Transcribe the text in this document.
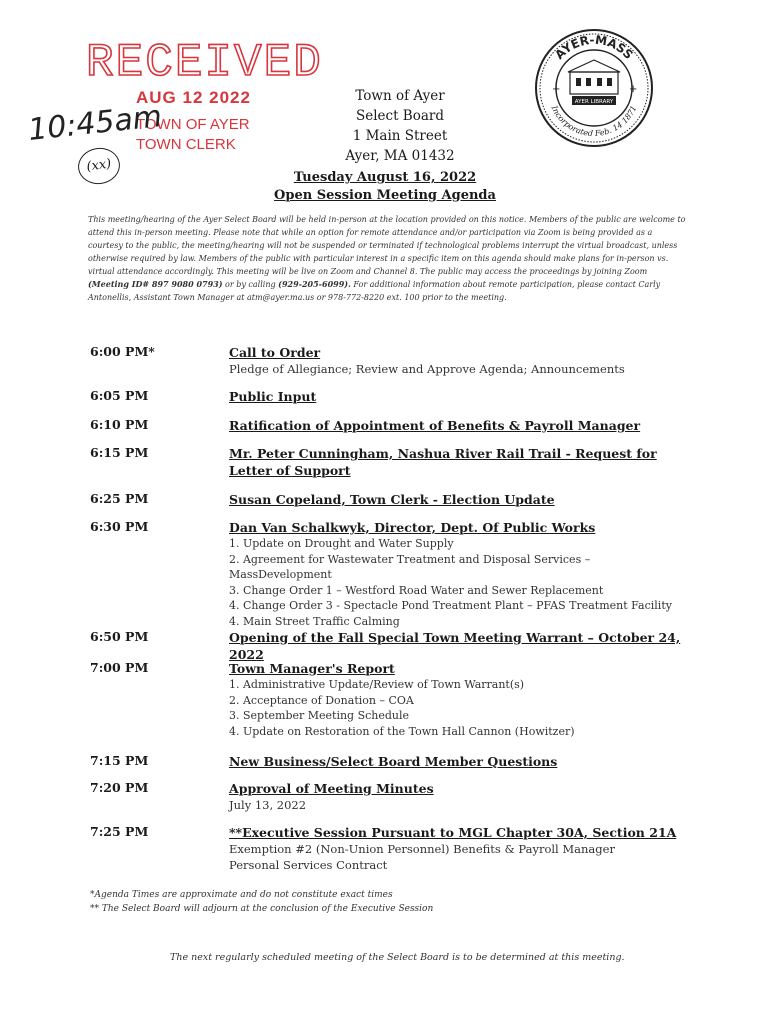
RECEIVED
AUG 12 2022
TOWN OF AYER
TOWN CLERK
10:45am
(xx)
Town of Ayer
Select Board
1 Main Street
Ayer, MA 01432
AYER-MASS
Incorporated Feb. 14 1871
AYER LIBRARY
+	+
Tuesday August 16, 2022
Open Session Meeting Agenda
This meeting/hearing of the Ayer Select Board will be held in-person at the location provided on this notice. Members of the public are welcome to attend this in-person meeting. Please note that while an option for remote attendance and/or participation via Zoom is being provided as a courtesy to the public, the meeting/hearing will not be suspended or terminated if technological problems interrupt the virtual broadcast, unless otherwise required by law. Members of the public with particular interest in a specific item on this agenda should make plans for in-person vs. virtual attendance accordingly. This meeting will be live on Zoom and Channel 8. The public may access the proceedings by joining Zoom (Meeting ID# 897 9080 0793) or by calling (929-205-6099). For additional information about remote participation, please contact Carly Antonellis, Assistant Town Manager at atm@ayer.ma.us or 978-772-8220 ext. 100 prior to the meeting.
6:00 PM*	Call to Order
Pledge of Allegiance; Review and Approve Agenda; Announcements
6:05 PM	Public Input
6:10 PM	Ratification of Appointment of Benefits & Payroll Manager
6:15 PM	Mr. Peter Cunningham, Nashua River Rail Trail - Request for Letter of Support
6:25 PM	Susan Copeland, Town Clerk - Election Update
6:30 PM	Dan Van Schalkwyk, Director, Dept. Of Public Works
1. Update on Drought and Water Supply
2. Agreement for Wastewater Treatment and Disposal Services – MassDevelopment
3. Change Order 1 – Westford Road Water and Sewer Replacement
4. Change Order 3 - Spectacle Pond Treatment Plant – PFAS Treatment Facility
4. Main Street Traffic Calming
6:50 PM	Opening of the Fall Special Town Meeting Warrant – October 24, 2022
7:00 PM	Town Manager's Report
1. Administrative Update/Review of Town Warrant(s)
2. Acceptance of Donation – COA
3. September Meeting Schedule
4. Update on Restoration of the Town Hall Cannon (Howitzer)
7:15 PM	New Business/Select Board Member Questions
7:20 PM	Approval of Meeting Minutes
July 13, 2022
7:25 PM	**Executive Session Pursuant to MGL Chapter 30A, Section 21A
Exemption #2 (Non-Union Personnel) Benefits & Payroll Manager
Personal Services Contract
*Agenda Times are approximate and do not constitute exact times
** The Select Board will adjourn at the conclusion of the Executive Session
The next regularly scheduled meeting of the Select Board is to be determined at this meeting.
